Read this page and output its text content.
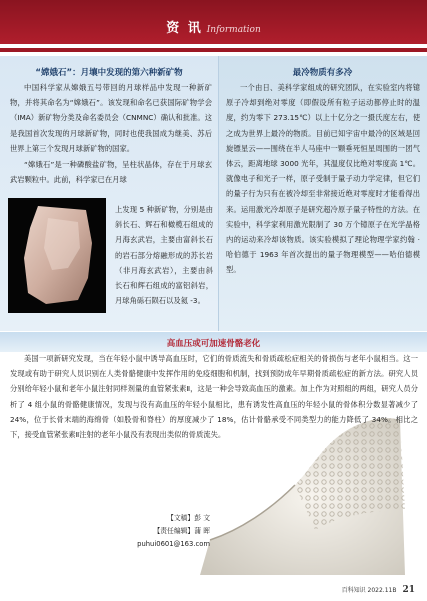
资 讯 Information
“嫦娥石”：月壤中发现的第六种新矿物

中国科学家从嫦娥五号带回的月球样品中发现一种新矿物，并将其命名为“嫦娥石”。该发现和命名已获国际矿物学会（IMA）新矿物分类及命名委员会（CNMNC）确认和批准。这是我国首次发现的月球新矿物，同时也使我国成为继美、苏后世界上第三个发现月球新矿物的国家。

“嫦娥石”是一种磷酸盐矿物，呈柱状晶体，存在于月球玄武岩颗粒中。此前，科学家已在月球

上发现 5 种新矿物，分别是由斜长石、辉石和橄榄石组成的月海玄武岩，主要由富斜长石的岩石部分熔融形成的苏长岩（非月海玄武岩），主要由斜长石和辉石组成的富铝斜岩，月球角砾石陨石以及氦 -3。

最冷物质有多冷

一个由日、美科学家组成的研究团队，在实验室内将镱原子冷却到绝对零度（即假设所有粒子运动都停止时的温度，约为零下 273.15℃）以上十亿分之一摄氏度左右，使之成为世界上最冷的物质。目前已知宇宙中最冷的区域是回旋镖星云——围绕在半人马座中一颗垂死恒星周围的一团气体云，距离地球 3000 光年，其温度仅比绝对零度高 1℃。就像电子和光子一样，原子受制于量子动力学定律，但它们的量子行为只有在被冷却至非常接近绝对零度时才能看得出来。运用激光冷却原子是研究超冷原子量子特性的方法。在实验中，科学家利用激光限制了 30 万个镱原子在光学晶格内的运动来冷却该物质。该实验模拟了理论物理学家约翰 · 哈伯德于 1963 年首次提出的量子物理模型——哈伯德模型。

高血压或可加速骨骼老化

美国一项新研究发现，当在年轻小鼠中诱导高血压时，它们的骨质流失和骨质疏松症相关的骨损伤与老年小鼠相当。这一发现或有助于研究人员识别在人类骨骼健康中发挥作用的免疫细胞和机制，找到预防成年早期骨质疏松症的新方法。研究人员分别给年轻小鼠和老年小鼠注射同样剂量的血管紧张素Ⅱ，这是一种会导致高血压的激素。加上作为对照组的两组，研究人员分析了 4 组小鼠的骨骼健康情况，发现与没有高血压的年轻小鼠相比，患有诱发性高血压的年轻小鼠的骨体积分数显著减少了 24%，位于长骨末端的海绵骨（如股骨和脊柱）的厚度减少了 18%，估计骨骼承受不同类型力的能力降低了 34%。相比之下，接受血管紧张素Ⅱ注射的老年小鼠没有表现出类似的骨质流失。

【文稿】彭 文
【责任编辑】蒲 晖
puhui0601@163.com
百科知识 2022.11B 21
